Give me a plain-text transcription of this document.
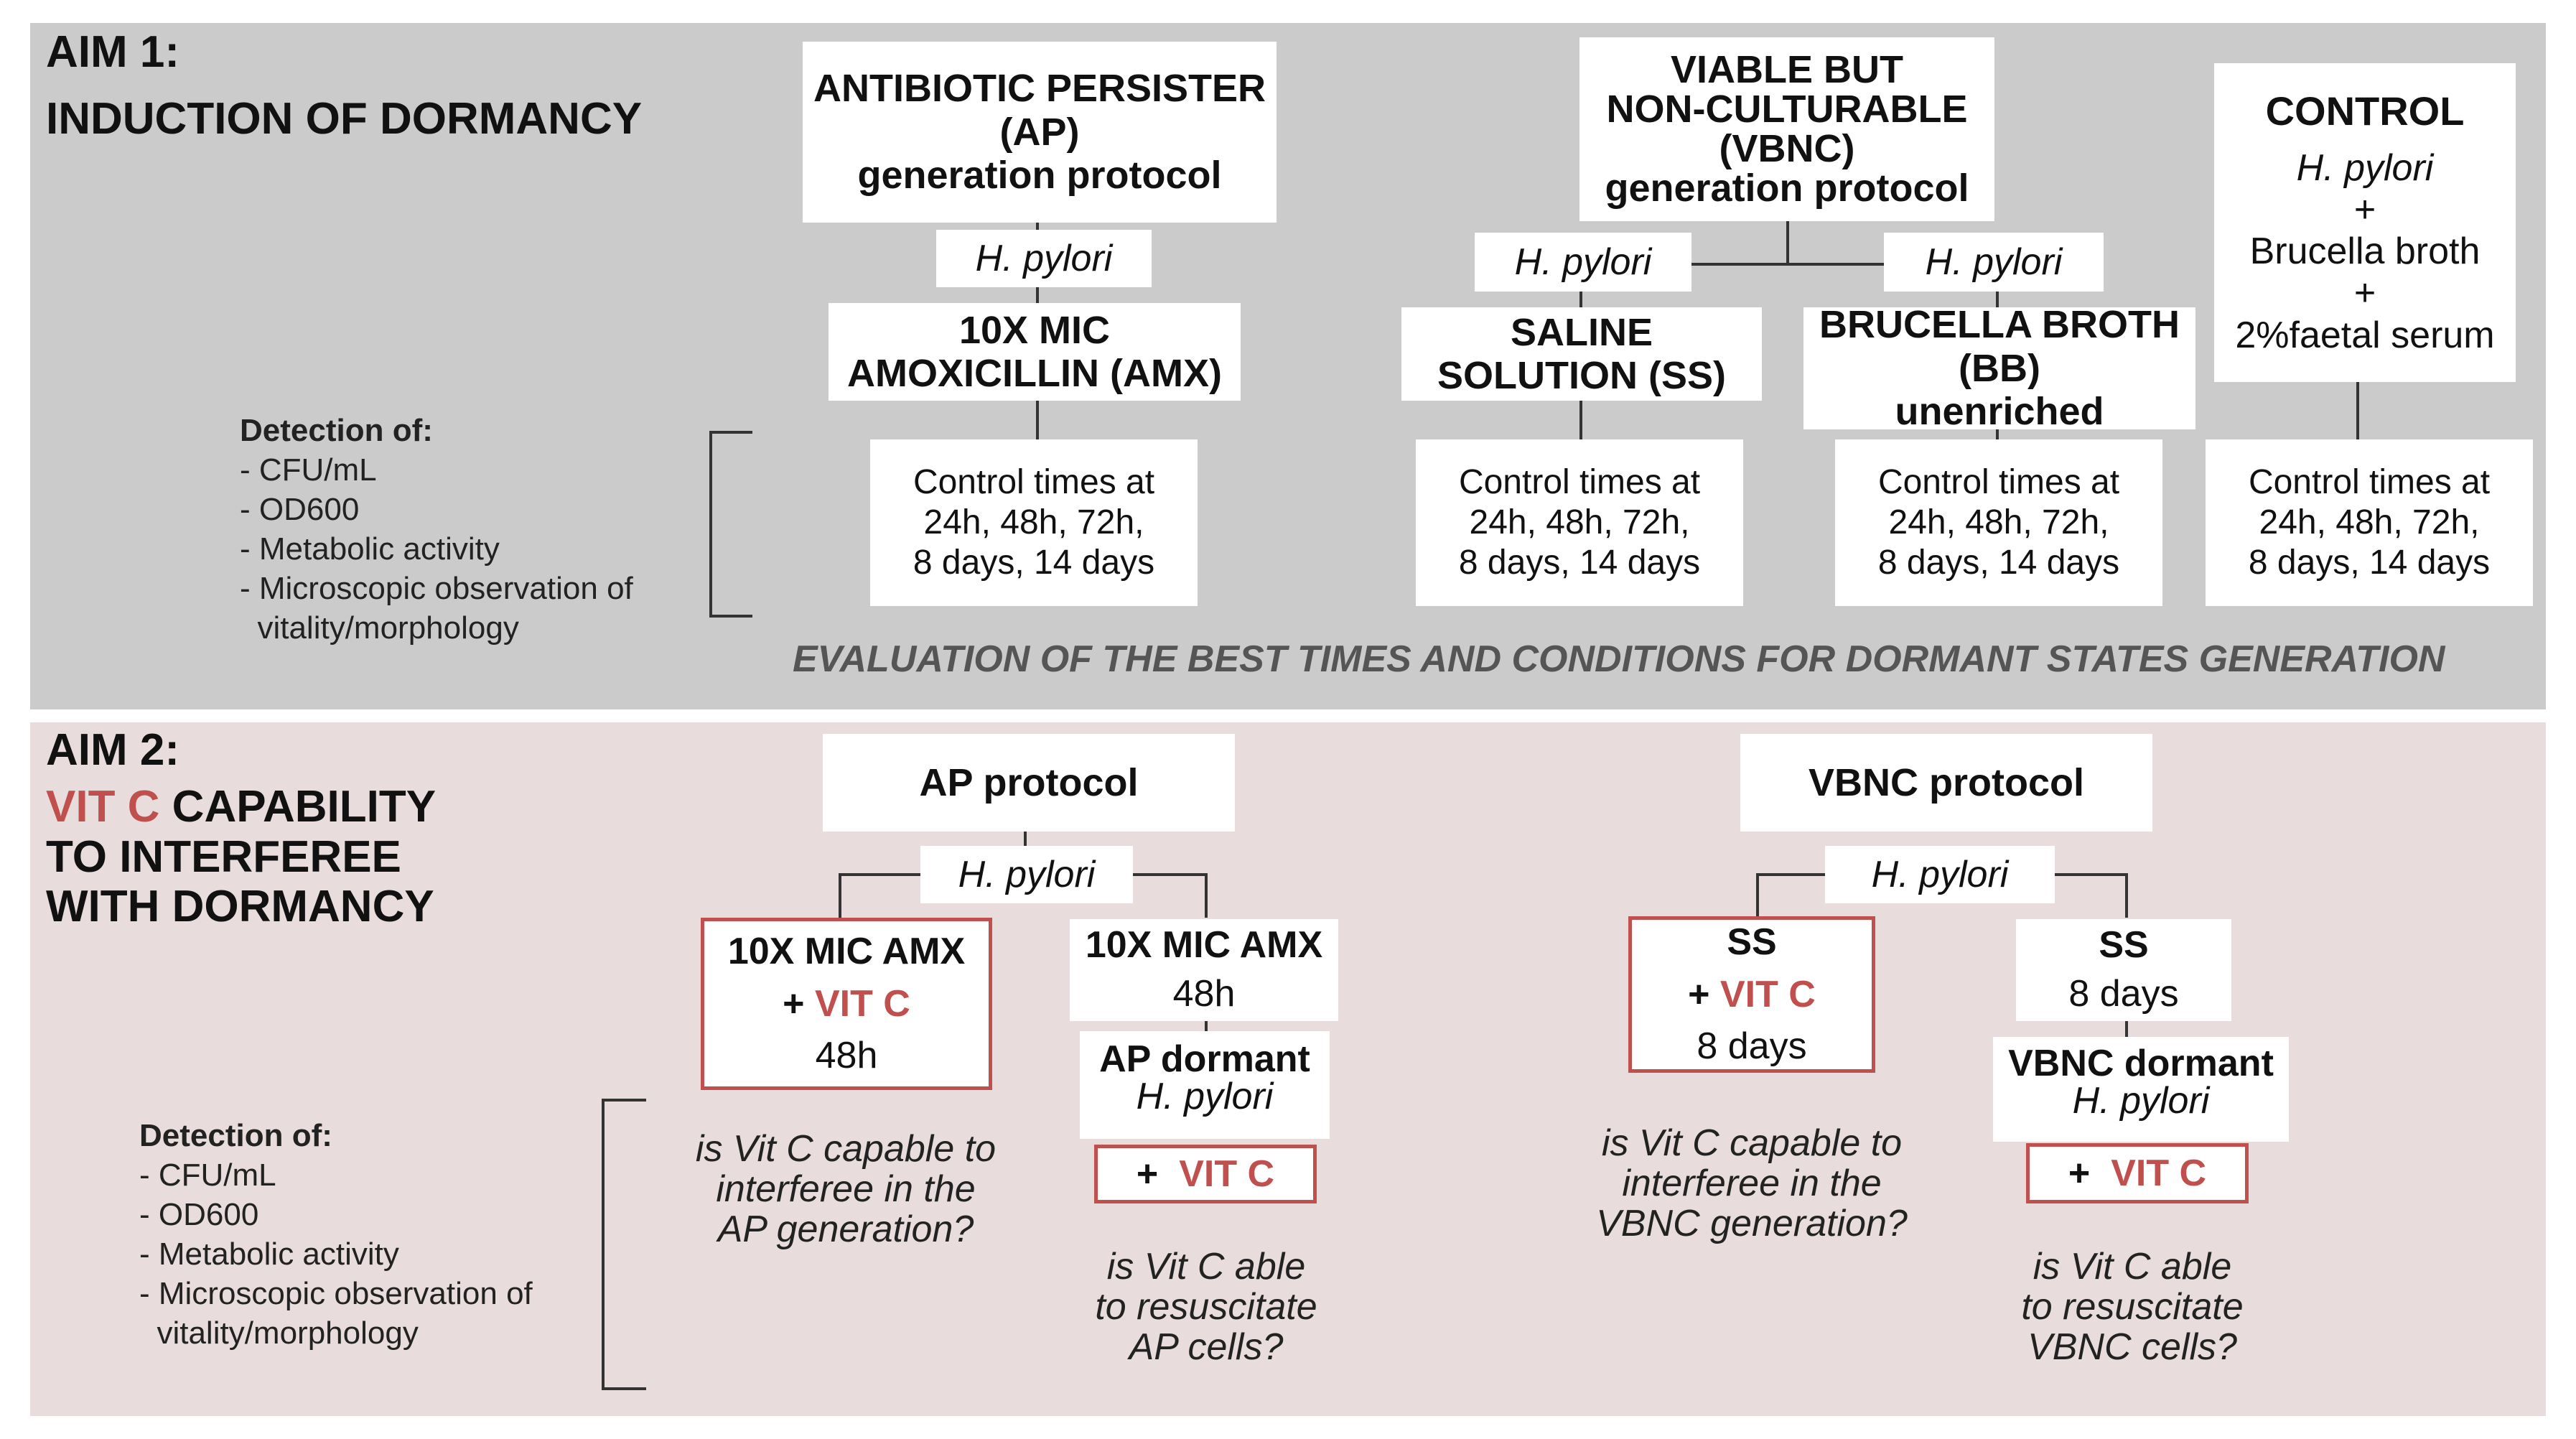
AIM 1:
INDUCTION OF DORMANCY
ANTIBIOTIC PERSISTER
(AP)
generation protocol
H. pylori
10X MIC
AMOXICILLIN (AMX)
VIABLE BUT
NON-CULTURABLE
(VBNC)
generation protocol
H. pylori	H. pylori
SALINE
SOLUTION (SS)
BRUCELLA BROTH
(BB)
unenriched
CONTROL
H. pylori
+
Brucella broth
+
2%faetal serum
Control times at
24h, 48h, 72h,
8 days, 14 days
Control times at
24h, 48h, 72h,
8 days, 14 days
Control times at
24h, 48h, 72h,
8 days, 14 days
Control times at
24h, 48h, 72h,
8 days, 14 days
Detection of:
- CFU/mL
- OD600
- Metabolic activity
- Microscopic observation of
vitality/morphology
EVALUATION OF THE BEST TIMES AND CONDITIONS FOR DORMANT STATES GENERATION
AIM 2:
VIT C CAPABILITY
TO INTERFEREE
WITH DORMANCY
AP protocol	VBNC protocol
H. pylori	H. pylori
10X MIC AMX
+ VIT C
48h
10X MIC AMX
48h
AP dormant
H. pylori
+
VIT C
SS
+ VIT C
8 days
SS
8 days
VBNC dormant
H. pylori
+
VIT C
is Vit C capable to
interferee in the
AP generation?
is Vit C able
to resuscitate
AP cells?
is Vit C capable to
interferee in the
VBNC generation?
is Vit C able
to resuscitate
VBNC cells?
Detection of:
- CFU/mL
- OD600
- Metabolic activity
- Microscopic observation of
vitality/morphology
